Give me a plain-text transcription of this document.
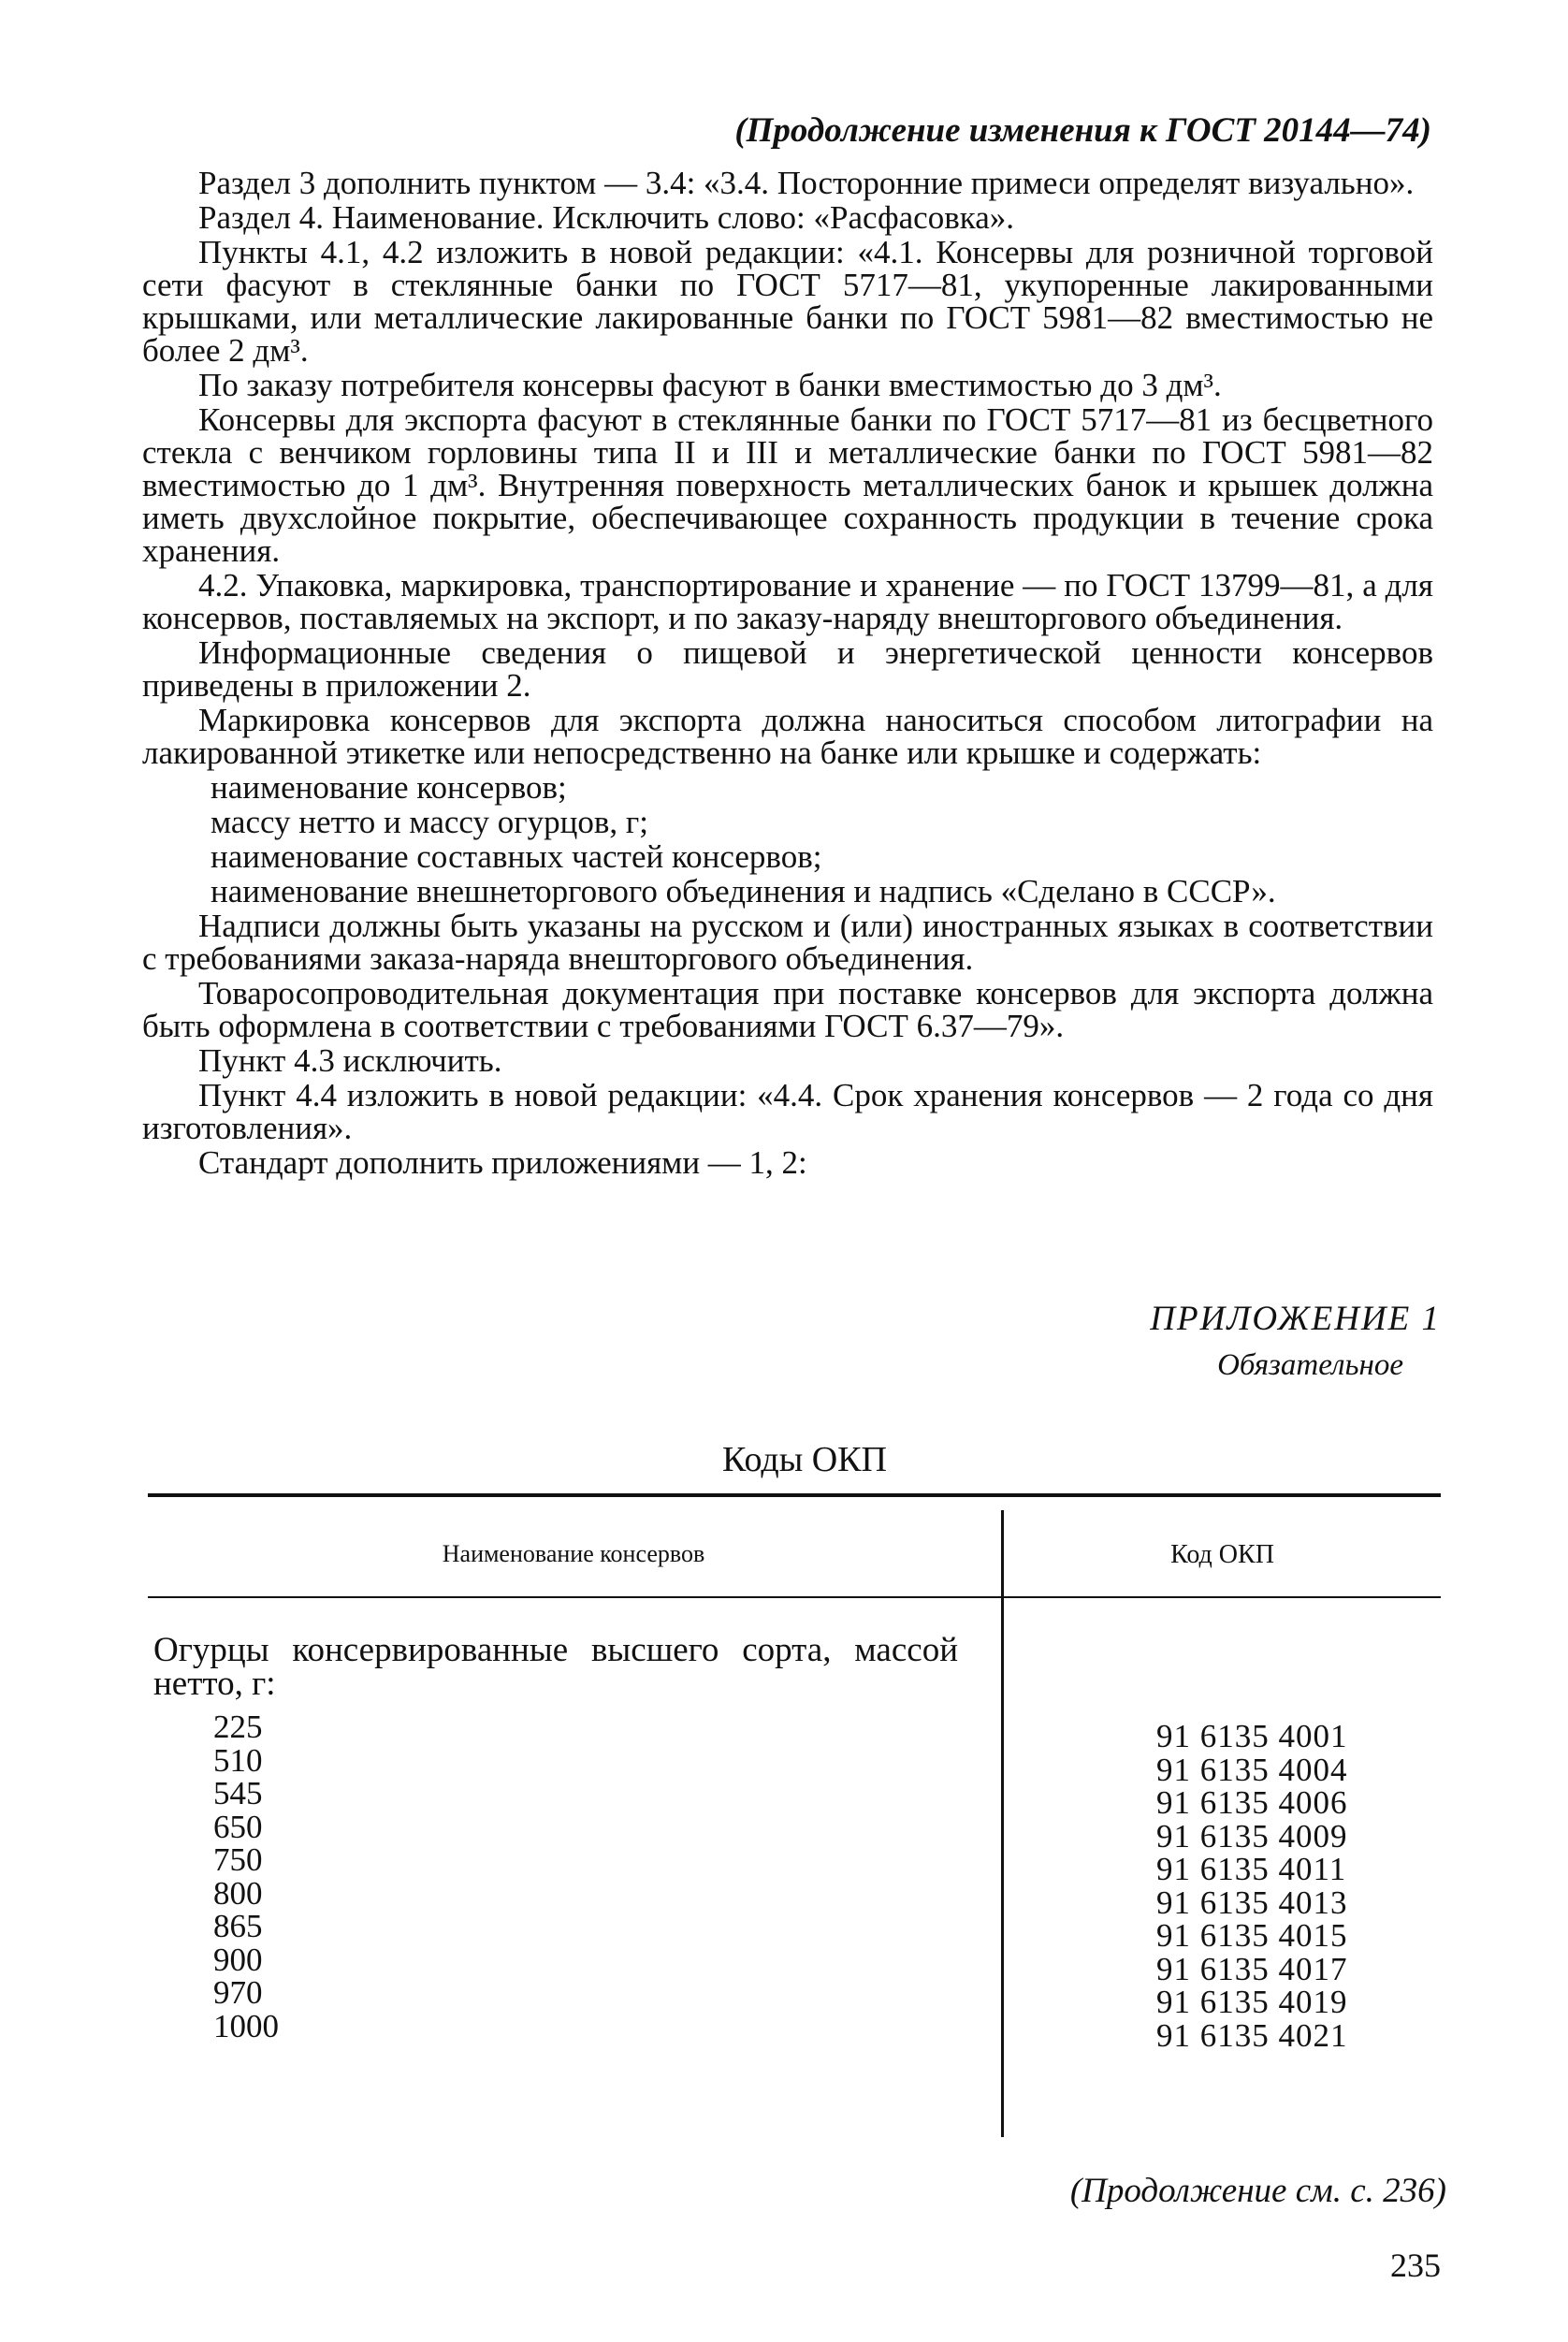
(Продолжение изменения к ГОСТ 20144—74)

Раздел 3 дополнить пунктом — 3.4: «3.4. Посторонние примеси определят визуально».

Раздел 4. Наименование. Исключить слово: «Расфасовка».

Пункты 4.1, 4.2 изложить в новой редакции: «4.1. Консервы для розничной торговой сети фасуют в стеклянные банки по ГОСТ 5717—81, укупоренные лакированными крышками, или металлические лакированные банки по ГОСТ 5981—82 вместимостью не более 2 дм³.

По заказу потребителя консервы фасуют в банки вместимостью до 3 дм³.

Консервы для экспорта фасуют в стеклянные банки по ГОСТ 5717—81 из бесцветного стекла с венчиком горловины типа II и III и металлические банки по ГОСТ 5981—82 вместимостью до 1 дм³. Внутренняя поверхность металлических банок и крышек должна иметь двухслойное покрытие, обеспечивающее сохранность продукции в течение срока хранения.

4.2. Упаковка, маркировка, транспортирование и хранение — по ГОСТ 13799—81, а для консервов, поставляемых на экспорт, и по заказу-наряду внешторгового объединения.

Информационные сведения о пищевой и энергетической ценности консервов приведены в приложении 2.

Маркировка консервов для экспорта должна наноситься способом литографии на лакированной этикетке или непосредственно на банке или крышке и содержать:

наименование консервов;

массу нетто и массу огурцов, г;

наименование составных частей консервов;

наименование внешнеторгового объединения и надпись «Сделано в СССР».

Надписи должны быть указаны на русском и (или) иностранных языках в соответствии с требованиями заказа-наряда внешторгового объединения.

Товаросопроводительная документация при поставке консервов для экспорта должна быть оформлена в соответствии с требованиями ГОСТ 6.37—79».

Пункт 4.3 исключить.

Пункт 4.4 изложить в новой редакции: «4.4. Срок хранения консервов — 2 года со дня изготовления».

Стандарт дополнить приложениями — 1, 2:

ПРИЛОЖЕНИЕ 1
Обязательное
Коды ОКП
Наименование консервов	Код ОКП

Огурцы консервированные высшего сорта, массой нетто, г:

225
510
545
650
750
800
865
900
970
1000
91 6135 4001
91 6135 4004
91 6135 4006
91 6135 4009
91 6135 4011
91 6135 4013
91 6135 4015
91 6135 4017
91 6135 4019
91 6135 4021
(Продолжение см. с. 236)
235
